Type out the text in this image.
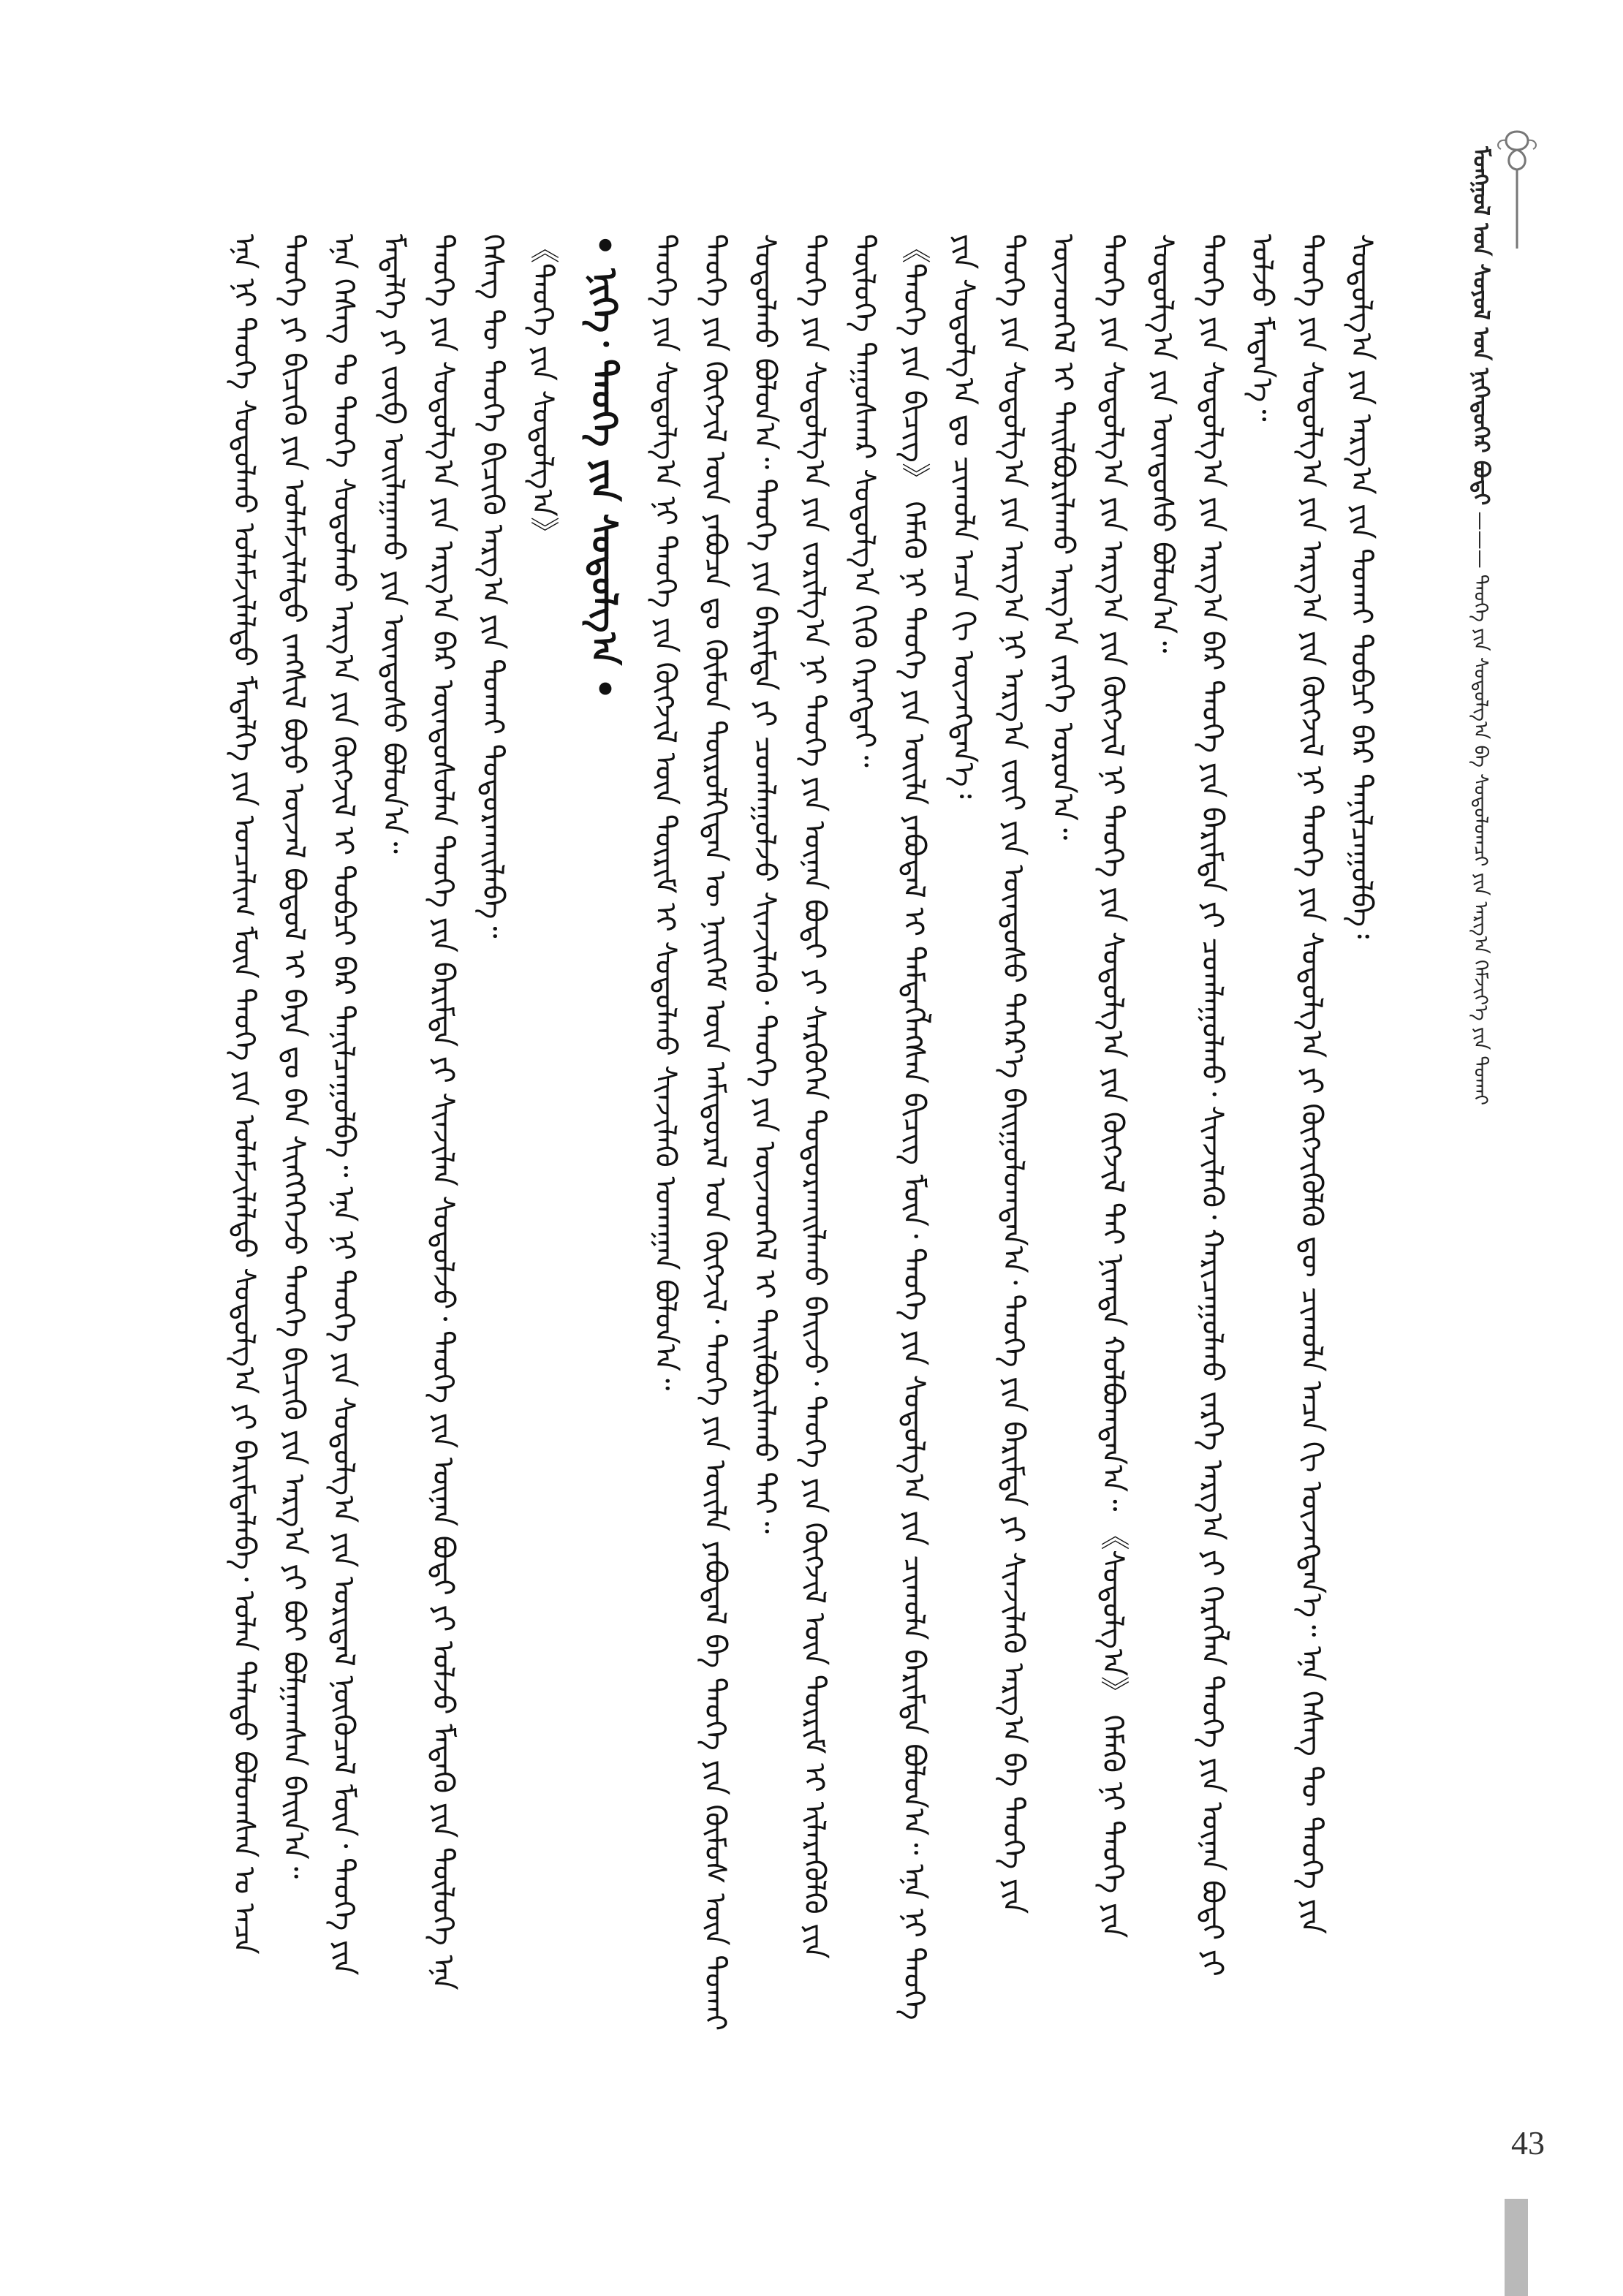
ᠮᠣᠩᠭᠣᠯ ᠤᠨ ᠰᠤᠶᠤᠯ ᠤᠨ ᠨᠢᠭᠡᠳᠦᠭᠡᠷ ᠪᠣᠳᠢ ——— ᠲᠡᠦᠬᠡ ᠶᠢᠨ ᠰᠤᠳᠤᠯᠭ᠎ᠠ ᠪᠠ ᠰᠤᠳᠤᠯᠤᠭᠴᠢ ᠶᠢᠨ ᠠᠷᠭ᠎ᠠ ᠬᠡᠮᠵᠢᠶ᠎ᠡ ᠶᠢᠨ ᠲᠤᠬᠠᠢ

ᠡᠨᠡ ᠨᠢ ᠲᠡᠦᠬᠡ ᠰᠤᠳᠤᠯᠬᠤ ᠤᠯᠠᠮᠵᠢᠯᠠᠯᠲᠤ ᠮᠡᠳᠡᠯᠭᠡ ᠶᠢᠨ ᠣᠨᠴᠠᠯᠢᠭ ᠮᠥᠨ ᠲᠡᠦᠬᠡ ᠶᠢᠨ ᠤᠯᠠᠮᠵᠢᠯᠠᠯᠲᠤ ᠰᠤᠳᠤᠯᠭ᠎ᠠ ᠶᠢ ᠪᠠᠷᠢᠮᠲᠠᠯᠠᠪᠠ᠂ ᠣᠯᠠᠨ ᠲᠠᠯᠠᠲᠤ ᠪᠤᠯᠤᠭᠰᠠᠨ ᠤ ᠠᠴᠠ ᠲᠡᠦᠬᠡ ᠶᠢ ᠪᠢᠴᠢᠬᠦ ᠶᠢᠨ ᠤᠯᠠᠮᠵᠢᠯᠠᠯᠲᠤ ᠵᠠᠩᠱᠢᠯ ᠪᠤᠶᠤ ᠦᠵᠡᠯ ᠪᠣᠳᠤᠯ ᠢ ᠪᠡᠶᠡ ᠳᠤ ᠪᠠᠨ ᠰᠢᠩᠭᠡᠭᠡᠵᠦ ᠲᠡᠦᠬᠡ ᠪᠢᠴᠢᠬᠦ ᠶᠢᠨ ᠠᠷᠭ᠎ᠠ ᠶᠢ ᠪᠤᠢ ᠪᠣᠯᠭᠠᠭᠰᠠᠨ ᠪᠠᠢᠨ᠎ᠠ᠃ ᠡᠨᠡ ᠬᠡᠰᠡᠭ ᠲᠤ ᠲᠡᠦᠬᠡ ᠰᠤᠳᠤᠯᠬᠤ ᠠᠷᠭ᠎ᠠ ᠶᠢᠨ ᠬᠥᠭᠵᠢᠯ ᠢ ᠲᠣᠪᠴᠢ ᠪᠠᠷ ᠲᠠᠨᠢᠯᠴᠠᠭᠤᠯᠪᠠ᠃ ᠡᠨᠡ ᠨᠢ ᠲᠡᠦᠬᠡ ᠶᠢᠨ ᠰᠤᠳᠤᠯᠭ᠎ᠠ ᠶᠢᠨ ᠤᠷᠢᠳᠠᠯ ᠨᠥᠬᠦᠴᠡᠯ ᠮᠥᠨ᠂ ᠲᠡᠦᠬᠡ ᠶᠢᠨ ᠮᠡᠳᠡᠯᠭᠡ ᠶᠢ ᠵᠥᠪ ᠣᠢᠯᠠᠭᠠᠬᠤ ᠶᠢᠨ ᠦᠨᠳᠦᠰᠦ ᠪᠣᠯᠤᠨ᠎ᠠ᠃ ᠲᠡᠦᠬᠡ ᠶᠢᠨ ᠰᠤᠳᠤᠯᠭ᠎ᠠ ᠶᠢᠨ ᠠᠷᠭ᠎ᠠ ᠪᠠᠷ ᠦᠨᠳᠦᠰᠦᠯᠡᠨ ᠲᠡᠦᠬᠡ ᠶᠢᠨ ᠪᠠᠷᠢᠮᠲᠠ ᠶᠢ ᠰᠢᠨᠵᠢᠯᠡᠨ ᠰᠤᠳᠤᠯᠵᠤ᠂ ᠲᠡᠦᠬᠡ ᠶᠢᠨ ᠦᠨᠡᠨ ᠪᠣᠳᠢ ᠶᠢ ᠣᠯᠵᠤ ᠮᠡᠳᠡᠬᠦ ᠶᠢᠨ ᠲᠥᠯᠦᠭᠡ ᠡᠨᠡ ᠬᠡᠰᠡᠭ ᠲᠦ ᠲᠡᠦᠬᠡ ᠪᠢᠴᠢᠬᠦ ᠠᠷᠭ᠎ᠠ ᠶᠢᠨ ᠲᠤᠬᠠᠢ ᠲᠣᠳᠤᠷᠬᠠᠢᠯᠠᠪᠠ᠃ 《ᠲᠡᠦᠬᠡ ᠶᠢᠨ ᠰᠤᠳᠤᠯᠭ᠎ᠠ》 • ᠨᠢᠭᠡ᠂ ᠲᠡᠦᠬᠡ ᠶᠢᠨ ᠰᠤᠳᠤᠯᠭ᠎ᠠ • ᠲᠡᠦᠬᠡ ᠶᠢᠨ ᠰᠤᠳᠤᠯᠭ᠎ᠠ ᠨᠢ ᠲᠡᠦᠬᠡ ᠶᠢᠨ ᠬᠥᠭᠵᠢᠯ ᠦᠨ ᠳᠦᠷᠢᠮ ᠢ ᠰᠤᠳᠤᠯᠬᠤ ᠰᠢᠨᠵᠢᠯᠡᠬᠦ ᠤᠬᠠᠭᠠᠨ ᠪᠣᠯᠤᠨ᠎ᠠ᠃ ᠲᠡᠦᠬᠡ ᠶᠢᠨ ᠬᠥᠭᠵᠢᠯ ᠦᠨ ᠶᠠᠪᠤᠴᠠ ᠳᠤ ᠬᠦᠮᠦᠨ ᠲᠥᠷᠦᠯᠬᠢᠲᠡᠨ ᠦ ᠨᠡᠢᠭᠡᠮ ᠦᠨ ᠠᠮᠢᠳᠤᠷᠠᠯ ᠤᠨ ᠬᠥᠭᠵᠢᠯ᠂ ᠲᠡᠦᠬᠡ ᠶᠢᠨ ᠦᠢᠯᠡ ᠶᠠᠪᠤᠳᠠᠯ ᠪᠠ ᠲᠡᠦᠬᠡ ᠶᠢᠨ ᠬᠦᠮᠦᠰ ᠦᠨ ᠲᠤᠬᠠᠢ ᠰᠤᠳᠤᠯᠬᠤ ᠪᠣᠯᠤᠨ᠎ᠠ᠃ ᠲᠡᠦᠬᠡ ᠶᠢᠨ ᠪᠠᠷᠢᠮᠲᠠ ᠶᠢ ᠴᠤᠭᠯᠠᠭᠤᠯᠵᠤ ᠰᠢᠨᠵᠢᠯᠡᠬᠦ᠂ ᠲᠡᠦᠬᠡ ᠶᠢᠨ ᠦᠵᠡᠳᠭᠡᠯ ᠢ ᠲᠠᠢᠯᠪᠤᠷᠢᠯᠠᠬᠤ ᠲᠠᠢ᠃ ᠲᠡᠦᠬᠡ ᠶᠢᠨ ᠰᠤᠳᠤᠯᠭ᠎ᠠ ᠶᠢᠨ ᠵᠣᠷᠢᠯᠭ᠎ᠠ ᠨᠢ ᠲᠡᠦᠬᠡ ᠶᠢᠨ ᠦᠨᠡᠨ ᠪᠣᠳᠢ ᠶᠢ ᠰᠡᠷᠭᠦᠭᠡᠨ ᠲᠣᠳᠤᠷᠬᠠᠢᠯᠠᠬᠤ ᠪᠠᠢᠵᠤ᠂ ᠲᠡᠦᠬᠡ ᠶᠢᠨ ᠬᠥᠭᠵᠢᠯ ᠦᠨ ᠳᠦᠷᠢᠮ ᠢ ᠢᠯᠡᠷᠡᠭᠦᠯᠬᠦ ᠶᠢᠨ ᠲᠥᠯᠦᠭᠡ ᠳᠠᠭᠤᠰᠬᠠᠷ ᠰᠤᠳᠤᠯᠭ᠎ᠠ ᠬᠢᠬᠦ ᠬᠡᠷᠡᠭᠲᠡᠢ᠃ 《ᠲᠡᠦᠬᠡ ᠶᠢᠨ ᠪᠢᠴᠢᠭ》 ᠬᠡᠮᠡᠬᠦ ᠨᠢ ᠲᠡᠦᠬᠡ ᠶᠢᠨ ᠦᠢᠯᠡ ᠶᠠᠪᠤᠳᠠᠯ ᠢ ᠲᠡᠮᠳᠡᠭᠯᠡᠭᠰᠡᠨ ᠪᠢᠴᠢᠭ ᠮᠥᠨ᠂ ᠲᠡᠦᠬᠡ ᠶᠢᠨ ᠰᠤᠳᠤᠯᠭ᠎ᠠ ᠶᠢᠨ ᠴᠢᠬᠤᠯᠠ ᠪᠠᠷᠢᠮᠲᠠ ᠪᠣᠯᠤᠨ᠎ᠠ᠃ ᠡᠨᠡ ᠨᠢ ᠲᠡᠦᠬᠡ ᠶᠢᠨ ᠰᠤᠳᠤᠯᠭ᠎ᠠ ᠳᠤ ᠴᠢᠬᠤᠯᠠ ᠠᠴᠠ ᠬᠢ ᠦᠵᠡᠭᠳᠡᠨ᠎ᠡ᠄ ᠲᠡᠦᠬᠡ ᠶᠢᠨ ᠰᠤᠳᠤᠯᠭ᠎ᠠ ᠶᠢᠨ ᠠᠷᠭ᠎ᠠ ᠨᠢ ᠠᠷᠭ᠎ᠠ ᠵᠦᠢ ᠶᠢᠨ ᠦᠨᠳᠦᠰᠦ ᠳᠡᠭᠡᠷ᠎ᠡ ᠪᠠᠢᠭᠤᠯᠤᠭᠳᠠᠨ᠎ᠠ᠂ ᠲᠡᠦᠬᠡ ᠶᠢᠨ ᠪᠠᠷᠢᠮᠲᠠ ᠶᠢ ᠰᠢᠨᠵᠢᠯᠡᠬᠦ ᠠᠷᠭ᠎ᠠ ᠪᠠ ᠲᠡᠦᠬᠡ ᠶᠢᠨ ᠦᠵᠡᠳᠭᠡᠯ ᠢ ᠲᠠᠢᠯᠪᠤᠷᠢᠯᠠᠬᠤ ᠠᠷᠭ᠎ᠠ ᠵᠡᠷᠭᠡ ᠣᠷᠣᠨ᠎ᠠ᠃ ᠲᠡᠦᠬᠡ ᠶᠢᠨ ᠰᠤᠳᠤᠯᠭ᠎ᠠ ᠶᠢᠨ ᠠᠷᠭ᠎ᠠ ᠶᠢᠨ ᠬᠥᠭᠵᠢᠯ ᠨᠢ ᠲᠡᠦᠬᠡ ᠶᠢᠨ ᠰᠤᠳᠤᠯᠭ᠎ᠠ ᠶᠢᠨ ᠬᠥᠭᠵᠢᠯ ᠲᠡᠢ ᠨᠢᠭᠲᠠ ᠬᠣᠯᠪᠣᠭᠳᠠᠨ᠎ᠠ᠃ 《ᠰᠤᠳᠤᠯᠭ᠎ᠠ》 ᠬᠡᠮᠡᠬᠦ ᠨᠢ ᠲᠡᠦᠬᠡ ᠶᠢᠨ ᠰᠤᠳᠤᠯᠭ᠎ᠠ ᠶᠢᠨ ᠦᠨᠳᠦᠰᠦ ᠪᠣᠯᠤᠨ᠎ᠠ᠃ ᠲᠡᠦᠬᠡ ᠶᠢᠨ ᠰᠤᠳᠤᠯᠭ᠎ᠠ ᠶᠢᠨ ᠠᠷᠭ᠎ᠠ ᠪᠠᠷ ᠲᠡᠦᠬᠡ ᠶᠢᠨ ᠪᠠᠷᠢᠮᠲᠠ ᠶᠢ ᠴᠤᠭᠯᠠᠭᠤᠯᠬᠤ᠂ ᠰᠢᠨᠵᠢᠯᠡᠬᠦ᠂ ᠬᠠᠷᠢᠴᠠᠭᠤᠯᠬᠤ ᠵᠡᠷᠭᠡ ᠠᠷᠭ᠎ᠠ ᠶᠢ ᠬᠡᠷᠡᠭᠯᠡᠨ ᠲᠡᠦᠬᠡ ᠶᠢᠨ ᠦᠨᠡᠨ ᠪᠣᠳᠢ ᠶᠢ ᠣᠯᠵᠤ ᠮᠡᠳᠡᠨ᠎ᠡ᠃ ᠲᠡᠦᠬᠡ ᠶᠢᠨ ᠰᠤᠳᠤᠯᠭ᠎ᠠ ᠶᠢᠨ ᠠᠷᠭ᠎ᠠ ᠶᠢᠨ ᠬᠥᠭᠵᠢᠯ ᠨᠢ ᠲᠡᠦᠬᠡ ᠶᠢᠨ ᠰᠤᠳᠤᠯᠭ᠎ᠠ ᠶᠢ ᠬᠥᠭᠵᠢᠭᠦᠯᠬᠦ ᠳᠦ ᠴᠢᠬᠤᠯᠠ ᠠᠴᠠ ᠬᠢ ᠦᠵᠡᠭᠳᠡᠨ᠎ᠡ᠃ ᠡᠨᠡ ᠬᠡᠰᠡᠭ ᠲᠦ ᠲᠡᠦᠬᠡ ᠶᠢᠨ ᠰᠤᠳᠤᠯᠭ᠎ᠠ ᠶᠢᠨ ᠠᠷᠭ᠎ᠠ ᠶᠢᠨ ᠲᠤᠬᠠᠢ ᠲᠣᠪᠴᠢ ᠪᠠᠷ ᠲᠠᠨᠢᠯᠴᠠᠭᠤᠯᠪᠠ᠄

43
